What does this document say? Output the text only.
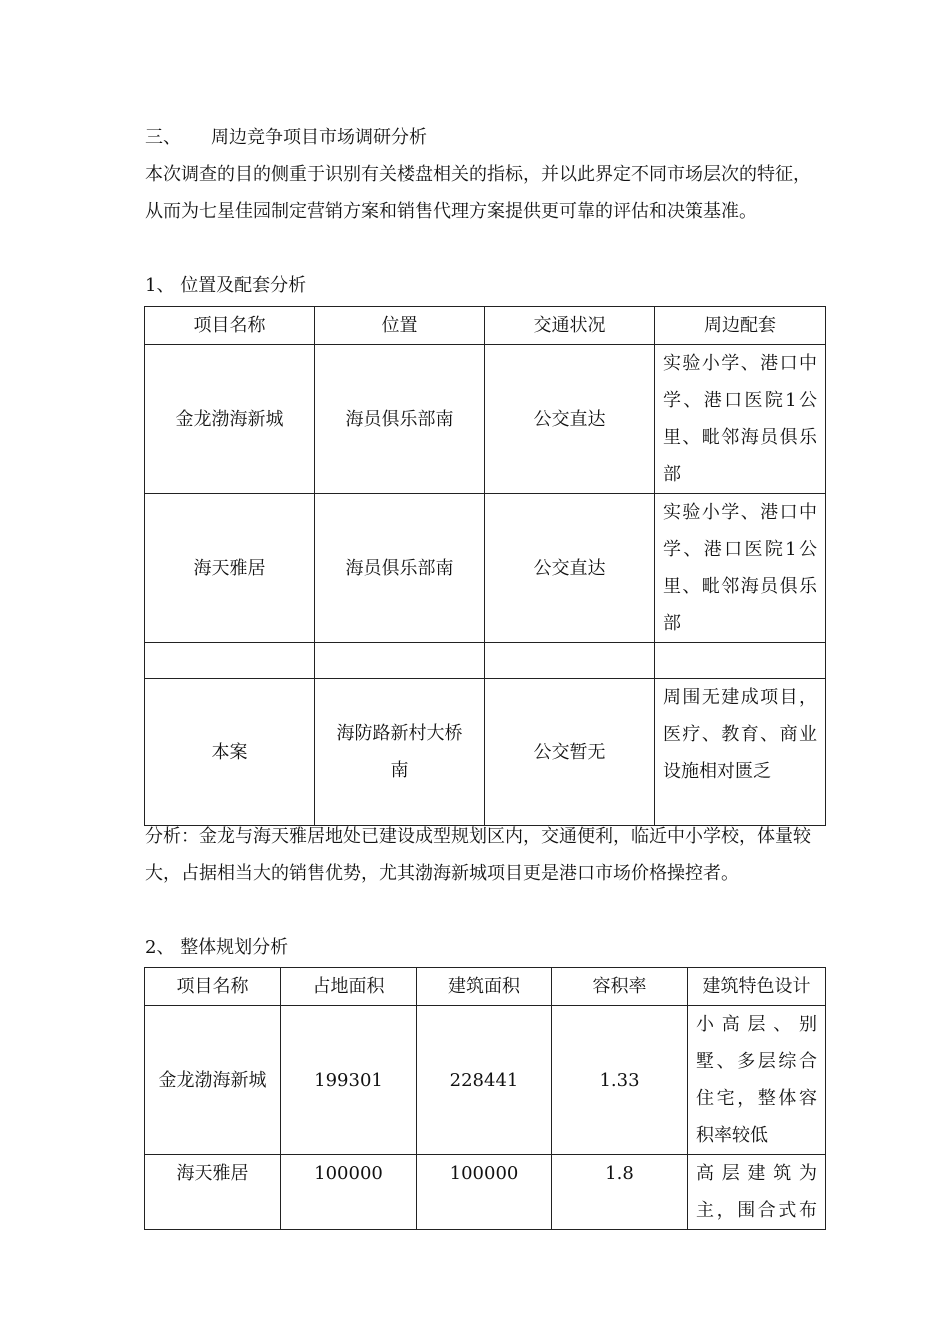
三、 周边竞争项目市场调研分析

本次调查的目的侧重于识别有关楼盘相关的指标，并以此界定不同市场层次的特征，从而为七星佳园制定营销方案和销售代理方案提供更可靠的评估和决策基准。

1、 位置及配套分析
项目名称	位置	交通状况	周边配套
金龙渤海新城	海员俱乐部南	公交直达	实验小学、港口中学、港口医院1公里、毗邻海员俱乐部
海天雅居	海员俱乐部南	公交直达	实验小学、港口中学、港口医院1公里、毗邻海员俱乐部

本案	海防路新村大桥南	公交暂无	周围无建成项目，医疗、教育、商业设施相对匮乏

分析：金龙与海天雅居地处已建设成型规划区内，交通便利，临近中小学校，体量较大，占据相当大的销售优势，尤其渤海新城项目更是港口市场价格操控者。

2、 整体规划分析
项目名称	占地面积	建筑面积	容积率	建筑特色设计
金龙渤海新城	199301	228441	1.33	小高层、别墅、多层综合住宅，整体容积率较低
海天雅居	100000	100000	1.8	高层建筑为主，围合式布
